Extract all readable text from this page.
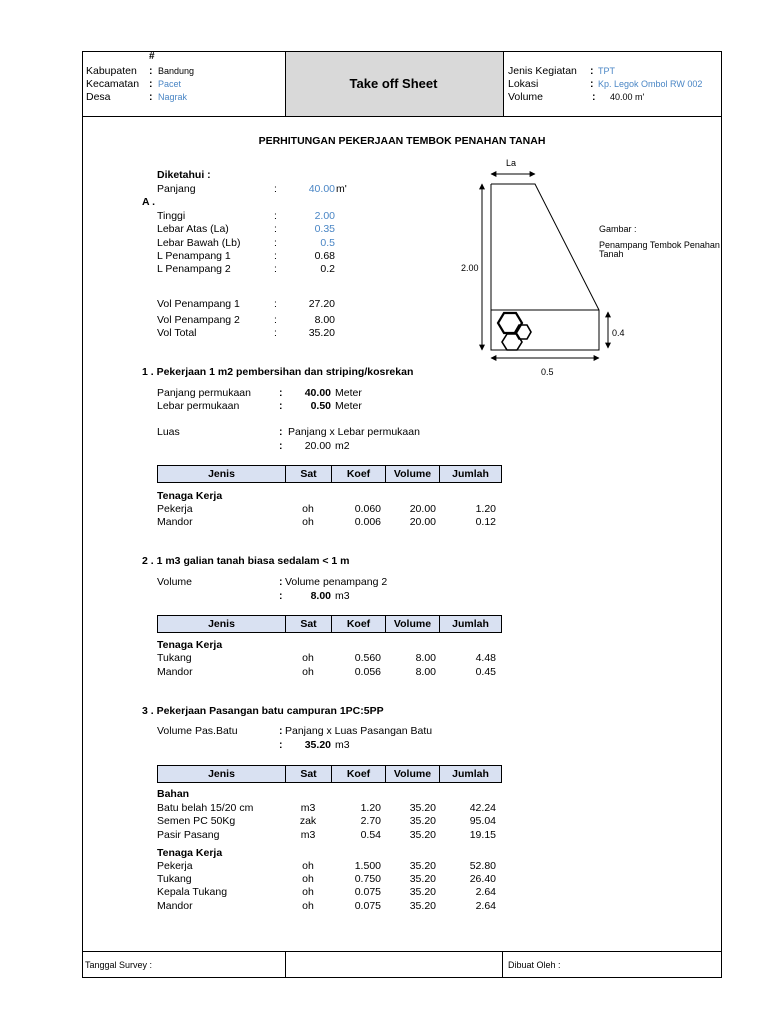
#
Kabupaten : Bandung
Kecamatan : Pacet
Desa	: Nagrak
Take off Sheet
Jenis Kegiatan : TPT
Lokasi	: Kp. Legok Ombol RW 002
Volume	: 40.00 m'
PERHITUNGAN PEKERJAAN TEMBOK PENAHAN TANAH
Diketahui :
A .
Panjang	:	40.00 m'
Tinggi	:	2.00
Lebar Atas (La)	:	0.35
Lebar Bawah (Lb)	:	0.5
L Penampang 1	:	0.68
L Penampang 2	:	0.2
Vol Penampang 1	:	27.20
Vol Penampang 2	:	8.00
Vol Total	:	35.20
La
2.00
0.4
0.5
Gambar :
Penampang Tembok Penahan
Tanah
1 . Pekerjaan 1 m2 pembersihan dan striping/kosrekan
Panjang permukaan	:	40.00 Meter
Lebar permukaan	:	0.50 Meter
Luas	: Panjang x Lebar permukaan
:	20.00 m2
Jenis	Sat	Koef	Volume	Jumlah
Tenaga Kerja
Pekerja	oh	0.060	20.00	1.20
Mandor	oh	0.006	20.00	0.12
2 . 1 m3 galian tanah biasa sedalam < 1 m
Volume	: Volume penampang 2
:	8.00 m3
Jenis	Sat	Koef	Volume	Jumlah
Tenaga Kerja
Tukang	oh	0.560	8.00	4.48
Mandor	oh	0.056	8.00	0.45
3 . Pekerjaan Pasangan batu campuran 1PC:5PP
Volume Pas.Batu	: Panjang x Luas Pasangan Batu
:	35.20 m3
Jenis	Sat	Koef	Volume	Jumlah
Bahan
Batu belah 15/20 cm	m3	1.20	35.20	42.24
Semen PC 50Kg	zak	2.70	35.20	95.04
Pasir Pasang	m3	0.54	35.20	19.15
Tenaga Kerja
Pekerja	oh	1.500	35.20	52.80
Tukang	oh	0.750	35.20	26.40
Kepala Tukang	oh	0.075	35.20	2.64
Mandor	oh	0.075	35.20	2.64
Tanggal Survey :	Dibuat Oleh :
